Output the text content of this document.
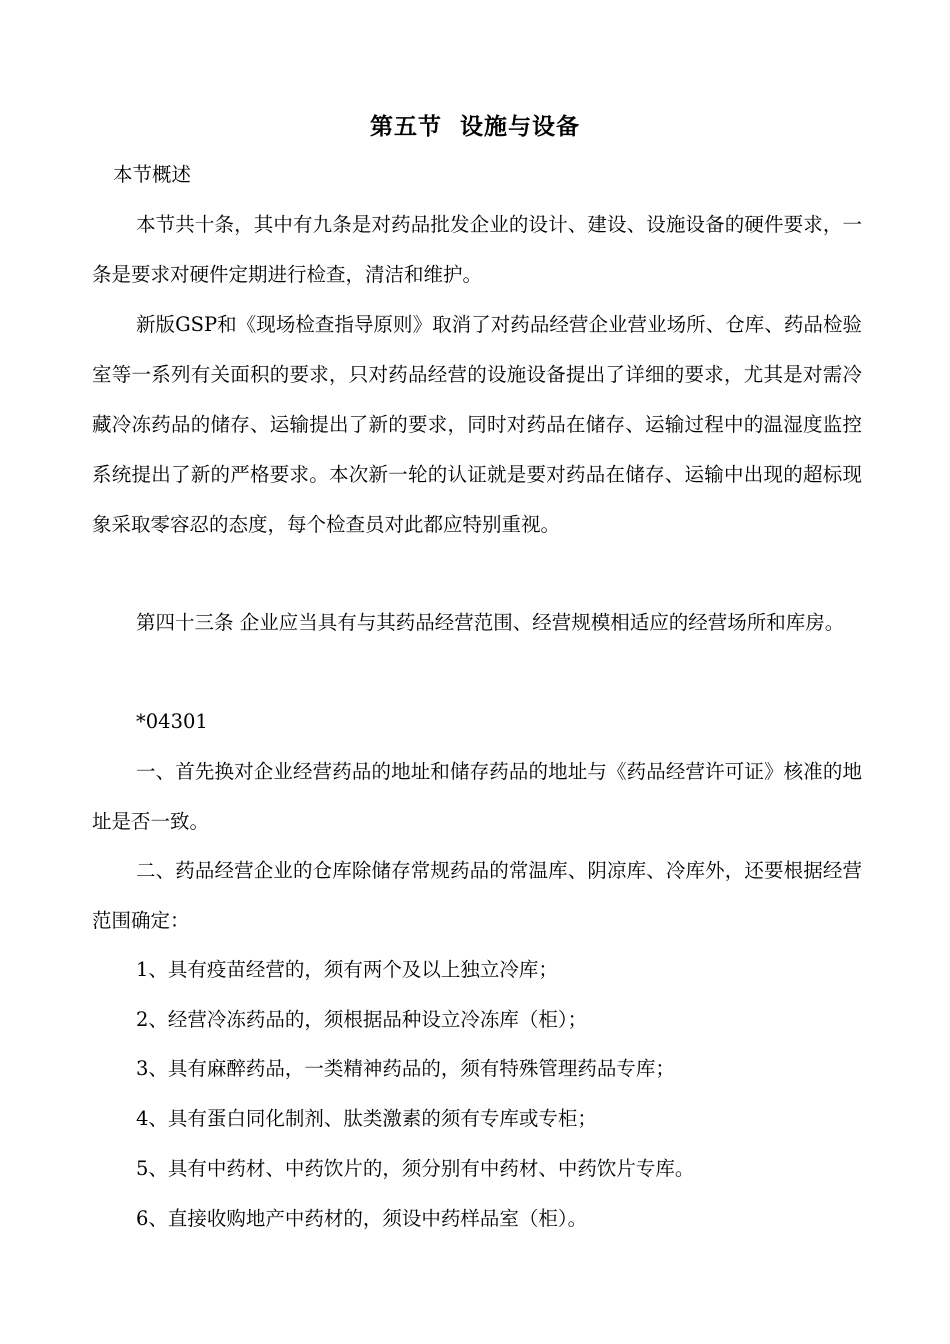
第五节  设施与设备
本节概述
本节共十条，其中有九条是对药品批发企业的设计、建设、设施设备的硬件要求，一条是要求对硬件定期进行检查，清洁和维护。
新版GSP和《现场检查指导原则》取消了对药品经营企业营业场所、仓库、药品检验室等一系列有关面积的要求，只对药品经营的设施设备提出了详细的要求，尤其是对需冷藏冷冻药品的储存、运输提出了新的要求，同时对药品在储存、运输过程中的温湿度监控系统提出了新的严格要求。本次新一轮的认证就是要对药品在储存、运输中出现的超标现象采取零容忍的态度，每个检查员对此都应特别重视。
第四十三条 企业应当具有与其药品经营范围、经营规模相适应的经营场所和库房。
*04301
一、首先换对企业经营药品的地址和储存药品的地址与《药品经营许可证》核准的地址是否一致。
二、药品经营企业的仓库除储存常规药品的常温库、阴凉库、冷库外，还要根据经营范围确定：
1、具有疫苗经营的，须有两个及以上独立冷库；
2、经营冷冻药品的，须根据品种设立冷冻库（柜）；
3、具有麻醉药品，一类精神药品的，须有特殊管理药品专库；
4、具有蛋白同化制剂、肽类激素的须有专库或专柜；
5、具有中药材、中药饮片的，须分别有中药材、中药饮片专库。
6、直接收购地产中药材的，须设中药样品室（柜）。
